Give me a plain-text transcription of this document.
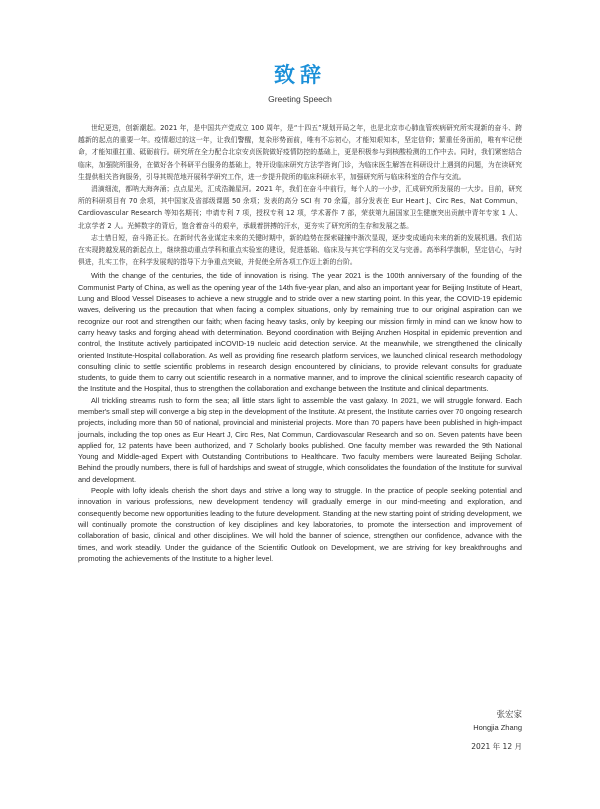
致辞
Greeting Speech

世纪更迭，创新潮起。2021 年，是中国共产党成立 100 周年，是“十四五”规划开局之年，也是北京市心肺血管疾病研究所实现新的奋斗、跨越新的起点的重要一年。疫情超过的这一年，让我们警醒，复杂形势面前，唯有不忘初心，才能知艰知本，坚定信仰；繁重任务面前，唯有牢记使命，才能知重扛重、砥砺前行。研究所在全力配合北京安贞医院做好疫情防控的基础上，更是积极参与到核酸检测的工作中去。同时，我们紧密结合临床，加强院所服务，在做好各个科研平台服务的基础上，特开设临床研究方法学咨询门诊，为临床医生解答在科研设计上遇到的问题，为在读研究生提供相关咨询服务，引导其规范地开展科学研究工作，进一步提升院所的临床科研水平，加强研究所与临床科室的合作与交流。

涓滴细流，都呐大海奔涌；点点星光，汇成浩瀚星河。2021 年，我们在奋斗中前行，每个人的一小步，汇成研究所发展的一大步。目前，研究所的科研项目有 70 余项，其中国家及省部级课题 50 余项；发表的高分 SCI 有 70 余篇，部分发表在 Eur Heart J、Circ Res、Nat Commun、Cardiovascular Research 等知名期刊；申请专利 7 项，授权专利 12 项，学术著作 7 部，荣获第九届国家卫生健康突出贡献中青年专家 1 人、北京学者 2 人。光鲜数字的背后，饱含着奋斗的艰辛，承载着拼搏的汗水，更夯实了研究所的生存和发展之基。

志士惜日短，奋斗路正长。在新时代各业谋定未来的关键时期中，新的趋势在探索碰撞中渐次显现，逐步变成通向未来的新的发展机遇。我们站在实现跨越发展的新起点上，继续推动重点学科和重点实验室的建设，促进基础、临床及与其它学科的交叉与完善。高举科学旗帜，坚定信心，与时俱进，扎实工作，在科学发展观的指导下力争重点突破，并促使全所各项工作迈上新的台阶。

With the change of the centuries, the tide of innovation is rising. The year 2021 is the 100th anniversary of the founding of the Communist Party of China, as well as the opening year of the 14th five-year plan, and also an important year for Beijing Institute of Heart, Lung and Blood Vessel Diseases to achieve a new struggle and to stride over a new starting point. In this year, the COVID-19 epidemic waves, delivering us the precaution that when facing a complex situations, only by remaining true to our original aspiration can we recognize our root and strengthen our faith; when facing heavy tasks, only by keeping our mission firmly in mind can we know how to carry heavy tasks and forging ahead with determination. Beyond coordination with Beijing Anzhen Hospital in epidemic prevention and control, the Institute actively participated inCOVID-19 nucleic acid detection service. At the meanwhile, we strengthened the clinically oriented Institute-Hospital collaboration. As well as providing fine research platform services, we launched clinical research methodology consulting clinic to settle scientific problems in research design encountered by clinicians, to provide relevant consults for graduate students, to guide them to carry out scientific research in a normative manner, and to improve the clinical scientific research capacity of the Institute and the Hospital, thus to strengthen the collaboration and exchange between the Institute and clinical departments.

All trickling streams rush to form the sea; all little stars light to assemble the vast galaxy. In 2021, we will struggle forward. Each member's small step will converge a big step in the development of the Institute. At present, the Institute carries over 70 ongoing research projects, including more than 50 of national, provincial and ministerial projects. More than 70 papers have been published in high-impact journals, including the top ones as Eur Heart J, Circ Res, Nat Commun, Cardiovascular Research and so on. Seven patents have been applied for, 12 patents have been authorized, and 7 Scholarly books published. One faculty member was rewarded the 9th National Young and Middle-aged Expert with Outstanding Contributions to Healthcare. Two faculty members were laureated Beijing Scholar. Behind the proudly numbers, there is full of hardships and sweat of struggle, which consolidates the foundation of the Institute for survival and development.

People with lofty ideals cherish the short days and strive a long way to struggle. In the practice of people seeking potential and innovation in various professions, new development tendency will gradually emerge in our mind-meeting and exploration, and consequently become new opportunities leading to the future development. Standing at the new starting point of striding development, we will continually promote the construction of key disciplines and key laboratories, to promote the intersection and improvement of collaboration of basic, clinical and other disciplines. We will hold the banner of science, strengthen our confidence, advance with the times, and work steadily. Under the guidance of the Scientific Outlook on Development, we are striving for key breakthroughs and promoting the achievements of the Institute to a higher level.

张宏家
Hongjia Zhang
2021 年 12 月
